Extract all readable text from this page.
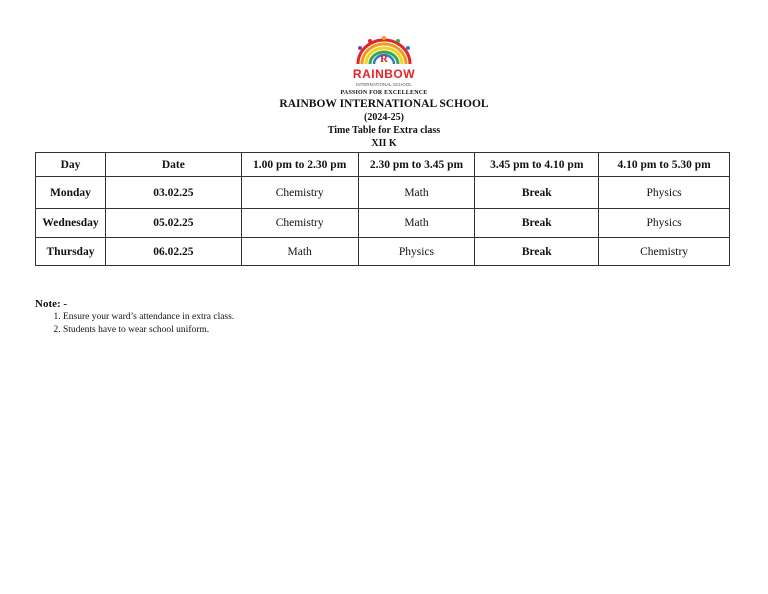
R
RAINBOW
INTERNATIONAL SCHOOL
PASSION FOR EXCELLENCE
RAINBOW INTERNATIONAL SCHOOL
(2024-25)
Time Table for Extra class
XII K
Day	Date	1.00 pm to 2.30 pm	2.30 pm to 3.45 pm	3.45 pm to 4.10 pm	4.10 pm to 5.30 pm
Monday	03.02.25	Chemistry	Math	Break	Physics
Wednesday	05.02.25	Chemistry	Math	Break	Physics
Thursday	06.02.25	Math	Physics	Break	Chemistry
Note: -
1. Ensure your ward’s attendance in extra class.
2. Students have to wear school uniform.
